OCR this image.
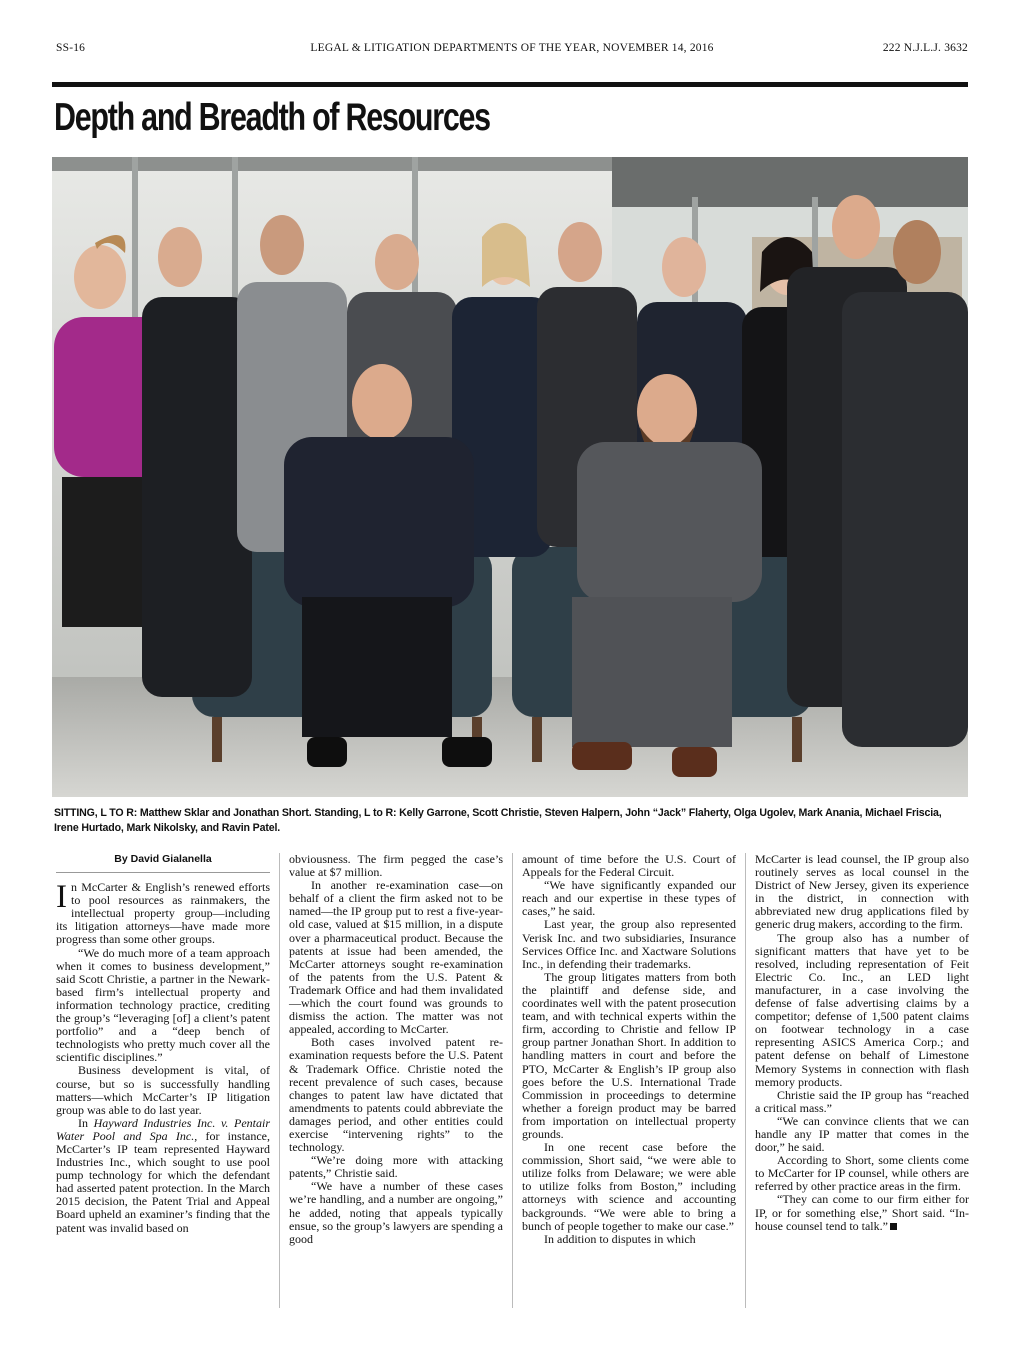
SS-16	LEGAL & LITIGATION DEPARTMENTS OF THE YEAR, NOVEMBER 14, 2016	222 N.J.L.J. 3632
Depth and Breadth of Resources
SITTING, L TO R: Matthew Sklar and Jonathan Short. Standing, L to R: Kelly Garrone, Scott Christie, Steven Halpern, John “Jack” Flaherty, Olga Ugolev, Mark Anania, Michael Friscia, Irene Hurtado, Mark Nikolsky, and Ravin Patel.
By David Gialanella

In McCarter & English’s renewed efforts to pool resources as rainmakers, the intellectual property group—including its litigation attorneys—have made more progress than some other groups.

“We do much more of a team approach when it comes to business development,” said Scott Christie, a partner in the Newark-based firm’s intellectual property and information technology practice, crediting the group’s “leveraging [of] a client’s patent portfolio” and a “deep bench of technologists who pretty much cover all the scientific disciplines.”

Business development is vital, of course, but so is successfully handling matters—which McCarter’s IP litigation group was able to do last year.

In Hayward Industries Inc. v. Pentair Water Pool and Spa Inc., for instance, McCarter’s IP team represented Hayward Industries Inc., which sought to use pool pump technology for which the defendant had asserted patent protection. In the March 2015 decision, the Patent Trial and Appeal Board upheld an examiner’s finding that the patent was invalid based on

obviousness. The firm pegged the case’s value at $7 million.

In another re-examination case—on behalf of a client the firm asked not to be named—the IP group put to rest a five-year-old case, valued at $15 million, in a dispute over a pharmaceutical product. Because the patents at issue had been amended, the McCarter attorneys sought re-examination of the patents from the U.S. Patent & Trademark Office and had them invalidated—which the court found was grounds to dismiss the action. The matter was not appealed, according to McCarter.

Both cases involved patent re-examination requests before the U.S. Patent & Trademark Office. Christie noted the recent prevalence of such cases, because changes to patent law have dictated that amendments to patents could abbreviate the damages period, and other entities could exercise “intervening rights” to the technology.

“We’re doing more with attacking patents,” Christie said.

“We have a number of these cases we’re handling, and a number are ongoing,” he added, noting that appeals typically ensue, so the group’s lawyers are spending a good

amount of time before the U.S. Court of Appeals for the Federal Circuit.

“We have significantly expanded our reach and our expertise in these types of cases,” he said.

Last year, the group also represented Verisk Inc. and two subsidiaries, Insurance Services Office Inc. and Xactware Solutions Inc., in defending their trademarks.

The group litigates matters from both the plaintiff and defense side, and coordinates well with the patent prosecution team, and with technical experts within the firm, according to Christie and fellow IP group partner Jonathan Short. In addition to handling matters in court and before the PTO, McCarter & English’s IP group also goes before the U.S. International Trade Commission in proceedings to determine whether a foreign product may be barred from importation on intellectual property grounds.

In one recent case before the commission, Short said, “we were able to utilize folks from Delaware; we were able to utilize folks from Boston,” including attorneys with science and accounting backgrounds. “We were able to bring a bunch of people together to make our case.”

In addition to disputes in which

McCarter is lead counsel, the IP group also routinely serves as local counsel in the District of New Jersey, given its experience in the district, in connection with abbreviated new drug applications filed by generic drug makers, according to the firm.

The group also has a number of significant matters that have yet to be resolved, including representation of Feit Electric Co. Inc., an LED light manufacturer, in a case involving the defense of false advertising claims by a competitor; defense of 1,500 patent claims on footwear technology in a case representing ASICS America Corp.; and patent defense on behalf of Limestone Memory Systems in connection with flash memory products.

Christie said the IP group has “reached a critical mass.”

“We can convince clients that we can handle any IP matter that comes in the door,” he said.

According to Short, some clients come to McCarter for IP counsel, while others are referred by other practice areas in the firm.

“They can come to our firm either for IP, or for something else,” Short said. “In-house counsel tend to talk.”
